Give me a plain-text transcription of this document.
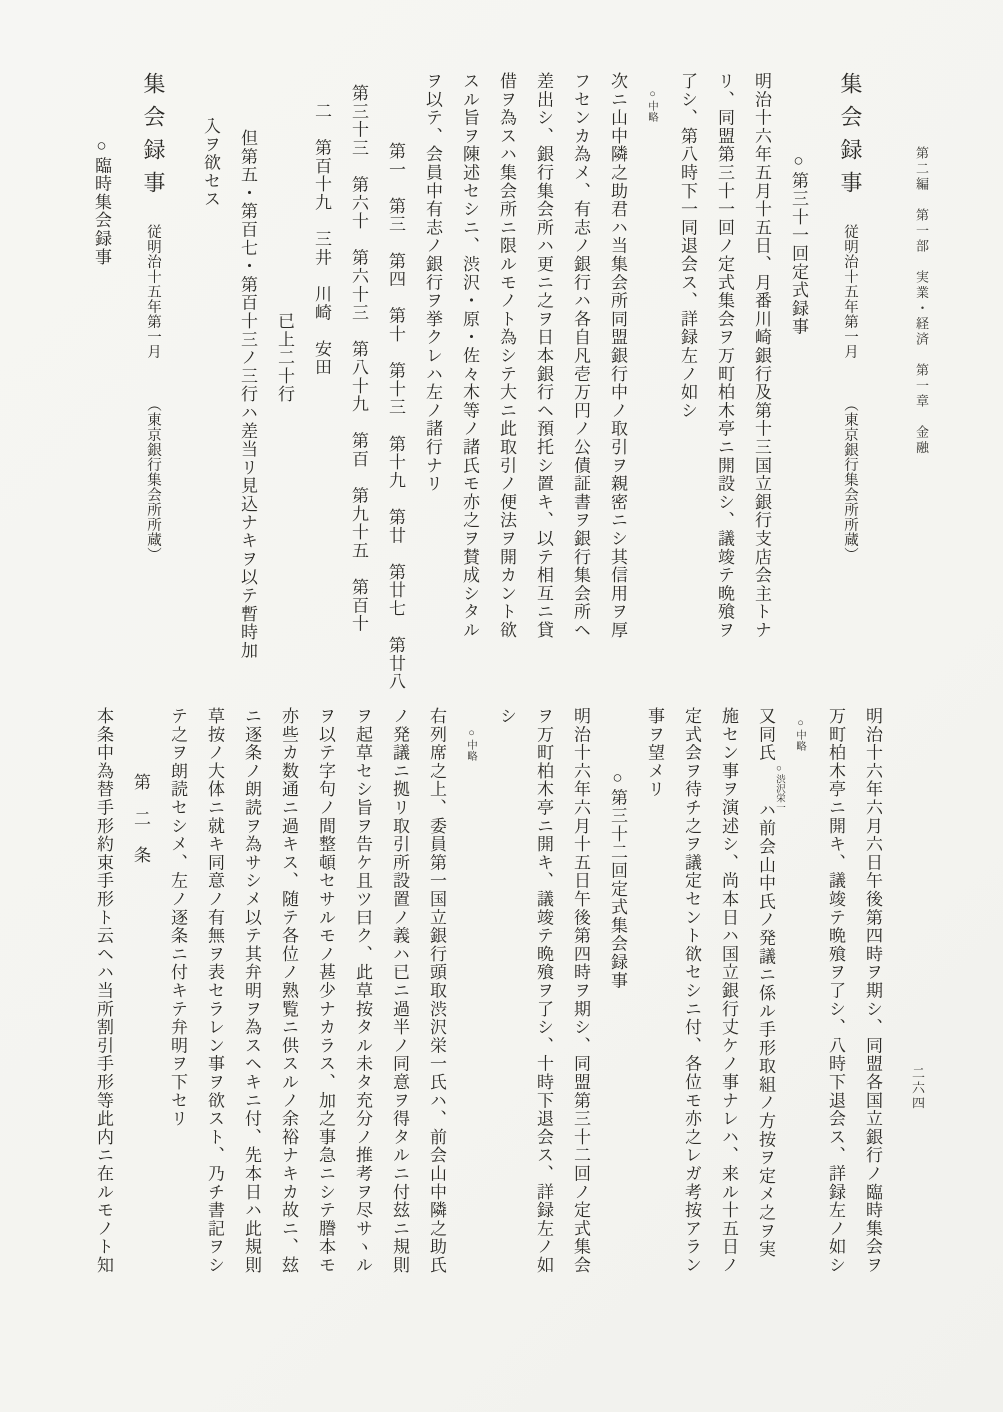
第二編　第一部　実業・経済　第一章　金融
集会録事 従明治十五年第一月 （東京銀行集会所所蔵）
○第三十一回定式録事
明治十六年五月十五日、月番川崎銀行及第十三国立銀行支店会主トナ
リ、同盟第三十一回ノ定式集会ヲ万町柏木亭ニ開設シ、議竣テ晩飱ヲ
了シ、第八時下一同退会ス、詳録左ノ如シ
○中略
次ニ山中隣之助君ハ当集会所同盟銀行中ノ取引ヲ親密ニシ其信用ヲ厚
フセンカ為メ、有志ノ銀行ハ各自凡壱万円ノ公債証書ヲ銀行集会所ヘ
差出シ、銀行集会所ハ更ニ之ヲ日本銀行ヘ預托シ置キ、以テ相互ニ貸
借ヲ為スハ集会所ニ限ルモノト為シテ大ニ此取引ノ便法ヲ開カント欲
スル旨ヲ陳述セシニ、渋沢・原・佐々木等ノ諸氏モ亦之ヲ賛成シタル
ヲ以テ、会員中有志ノ銀行ヲ挙クレハ左ノ諸行ナリ
第一　第三　第四　第十　第十三　第十九　第廿　第廿七　第廿八
第三十三　第六十　第六十三　第八十九　第百　第九十五　第百十
二　第百十九　三井　川崎　安田
已上二十行
但第五・第百七・第百十三ノ三行ハ差当リ見込ナキヲ以テ暫時加
入ヲ欲セス
集会録事 従明治十五年第一月 （東京銀行集会所所蔵）
○臨時集会録事
明治十六年六月六日午後第四時ヲ期シ、同盟各国立銀行ノ臨時集会ヲ
万町柏木亭ニ開キ、議竣テ晩飱ヲ了シ、八時下退会ス、詳録左ノ如シ
○中略
又同氏○渋沢栄一ハ前会山中氏ノ発議ニ係ル手形取組ノ方按ヲ定メ之ヲ実
施セン事ヲ演述シ、尚本日ハ国立銀行丈ケノ事ナレハ、来ル十五日ノ
定式会ヲ待チ之ヲ議定セント欲セシニ付、各位モ亦之レガ考按アラン
事ヲ望メリ
○第三十二回定式集会録事
明治十六年六月十五日午後第四時ヲ期シ、同盟第三十二回ノ定式集会
ヲ万町柏木亭ニ開キ、議竣テ晩飱ヲ了シ、十時下退会ス、詳録左ノ如
シ
○中略
右列席之上、委員第一国立銀行頭取渋沢栄一氏ハ、前会山中隣之助氏
ノ発議ニ拠リ取引所設置ノ義ハ已ニ過半ノ同意ヲ得タルニ付玆ニ規則
ヲ起草セシ旨ヲ告ケ且ツ曰ク、此草按タル未タ充分ノ推考ヲ尽サヽル
ヲ以テ字句ノ間整頓セサルモノ甚少ナカラス、加之事急ニシテ謄本モ
亦些カ数通ニ過キス、随テ各位ノ熟覧ニ供スルノ余裕ナキカ故ニ、玆
ニ逐条ノ朗読ヲ為サシメ以テ其弁明ヲ為スヘキニ付、先本日ハ此規則
草按ノ大体ニ就キ同意ノ有無ヲ表セラレン事ヲ欲スト、乃チ書記ヲシ
テ之ヲ朗読セシメ、左ノ逐条ニ付キテ弁明ヲ下セリ
第　二　条
本条中為替手形約束手形ト云ヘハ当所割引手形等此内ニ在ルモノト知	二六四
